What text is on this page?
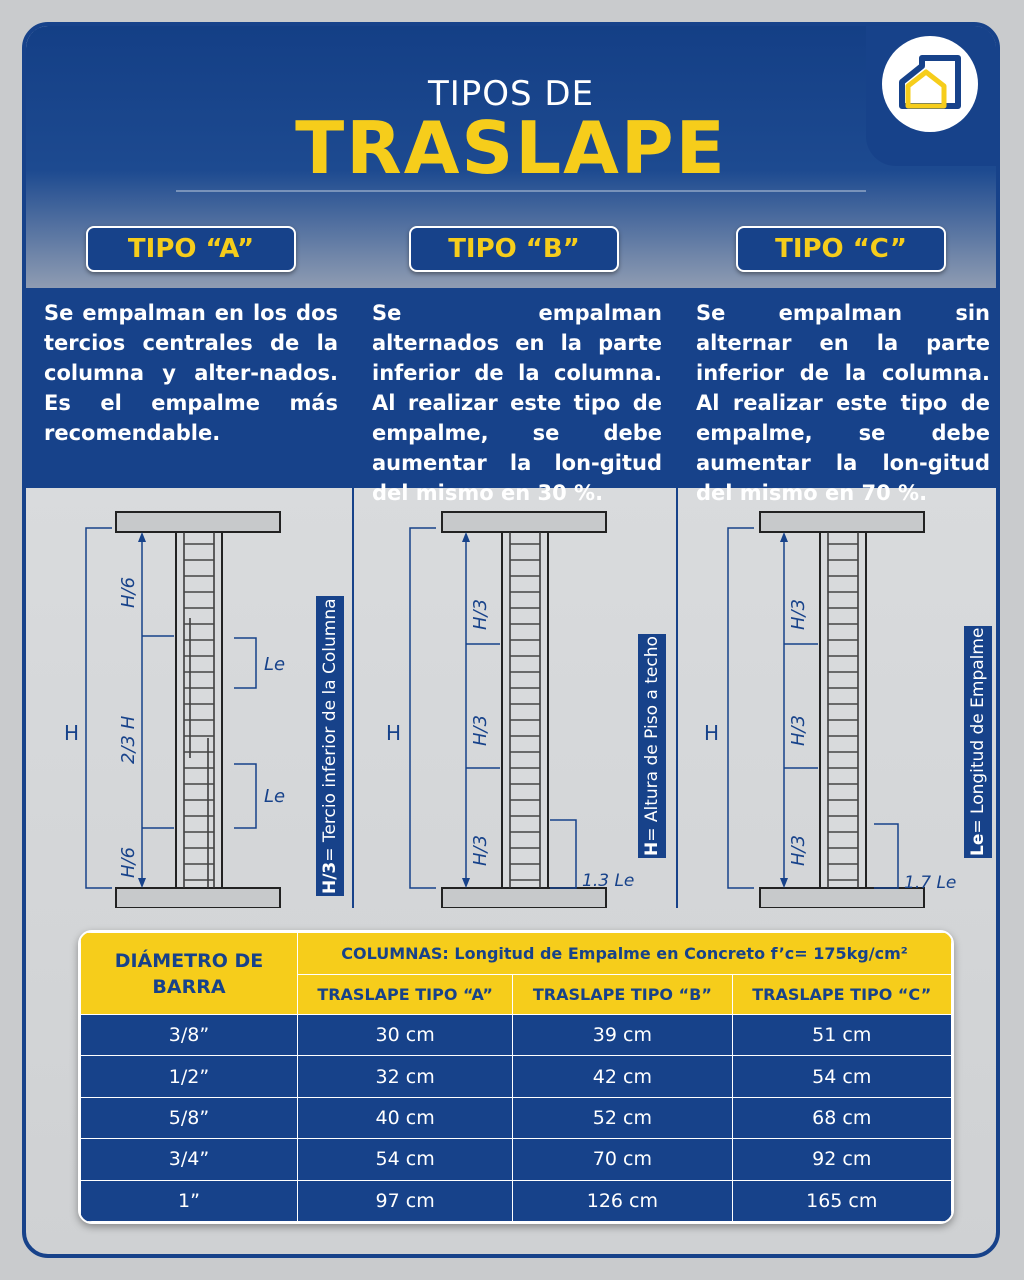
TIPOS DE
TRASLAPE
TIPO “A”	TIPO “B”	TIPO “C”
Se empalman en los dos tercios centrales de la columna y alter-nados. Es el empalme más recomendable.
Se empalman alternados en la parte inferior de la columna. Al realizar este tipo de empalme, se debe aumentar la lon-gitud del mismo en 30 %.
Se empalman sin alternar en la parte inferior de la columna. Al realizar este tipo de empalme, se debe aumentar la lon-gitud del mismo en 70 %.
H
Le
Le
H/6
2/3 H
H/6	H/3= Tercio inferior de la Columna H
H/3
H/3
H/3
1.3 Le
H= Altura de Piso a techo H
H/3
H/3
H/3
1.7 Le
Le= Longitud de Empalme
DIÁMETRO DE BARRA	COLUMNAS: Longitud de Empalme en Concreto f’c= 175kg/cm²		
	TRASLAPE TIPO “A”	TRASLAPE TIPO “B”	TRASLAPE TIPO “C”
3/8”	30 cm	39 cm	51 cm
1/2”	32 cm	42 cm	54 cm
5/8”	40 cm	52 cm	68 cm
3/4”	54 cm	70 cm	92 cm
1”	97 cm	126 cm	165 cm
